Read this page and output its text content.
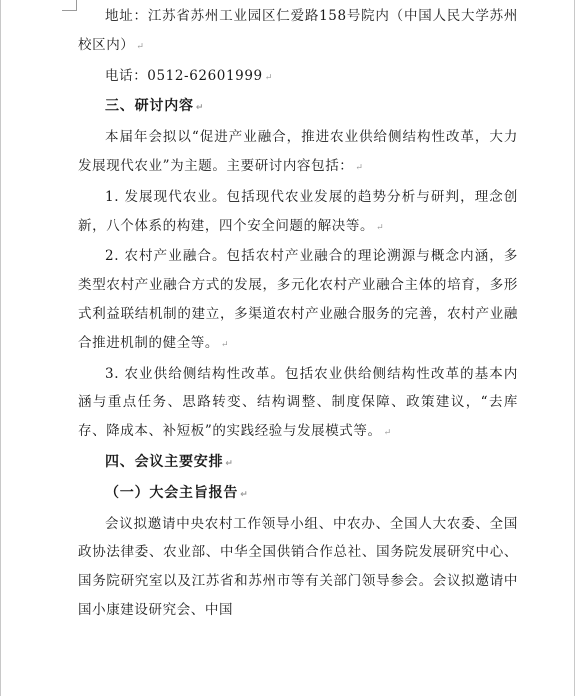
地址：江苏省苏州工业园区仁爱路158号院内（中国人民大学苏州校区内） ↵

电话：0512-62601999 ↵

三、研讨内容 ↵

本届年会拟以“促进产业融合，推进农业供给侧结构性改革，大力发展现代农业”为主题。主要研讨内容包括： ↵

1. 发展现代农业。包括现代农业发展的趋势分析与研判，理念创新，八个体系的构建，四个安全问题的解决等。 ↵

2. 农村产业融合。包括农村产业融合的理论溯源与概念内涵，多类型农村产业融合方式的发展，多元化农村产业融合主体的培育，多形式利益联结机制的建立，多渠道农村产业融合服务的完善，农村产业融合推进机制的健全等。 ↵

3. 农业供给侧结构性改革。包括农业供给侧结构性改革的基本内涵与重点任务、思路转变、结构调整、制度保障、政策建议，“去库存、降成本、补短板”的实践经验与发展模式等。 ↵

四、会议主要安排 ↵

（一）大会主旨报告 ↵

会议拟邀请中央农村工作领导小组、中农办、全国人大农委、全国政协法律委、农业部、中华全国供销合作总社、国务院发展研究中心、国务院研究室以及江苏省和苏州市等有关部门领导参会。会议拟邀请中国小康建设研究会、中国
